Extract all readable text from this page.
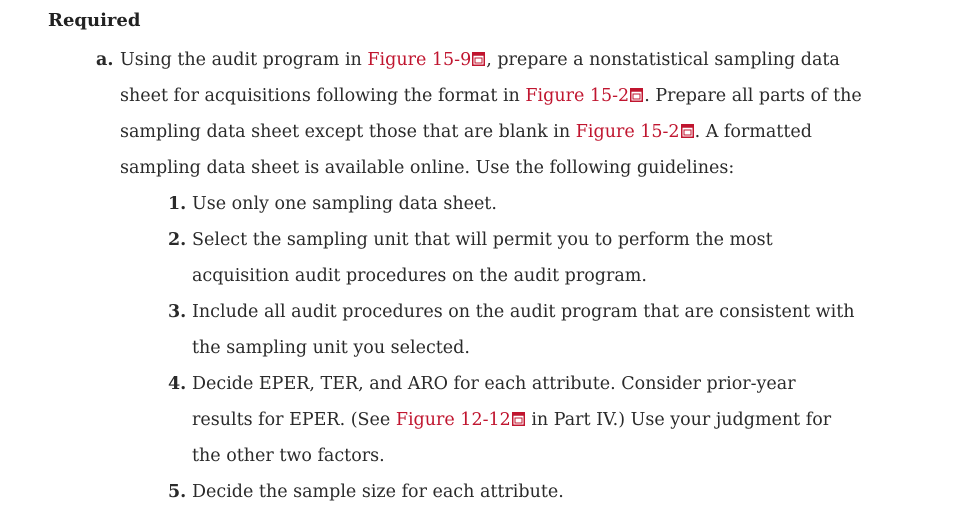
Required
a. Using the audit program in Figure 15-9 , prepare a nonstatistical sampling data sheet for acquisitions following the format in Figure 15-2 . Prepare all parts of the sampling data sheet except those that are blank in Figure 15-2 . A formatted sampling data sheet is available online. Use the following guidelines:
1. Use only one sampling data sheet.
2. Select the sampling unit that will permit you to perform the most acquisition audit procedures on the audit program.
3. Include all audit procedures on the audit program that are consistent with the sampling unit you selected.
4. Decide EPER, TER, and ARO for each attribute. Consider prior-year results for EPER. (See Figure 12-12
in Part IV.) Use your judgment for the other two factors.
5. Decide the sample size for each attribute.
